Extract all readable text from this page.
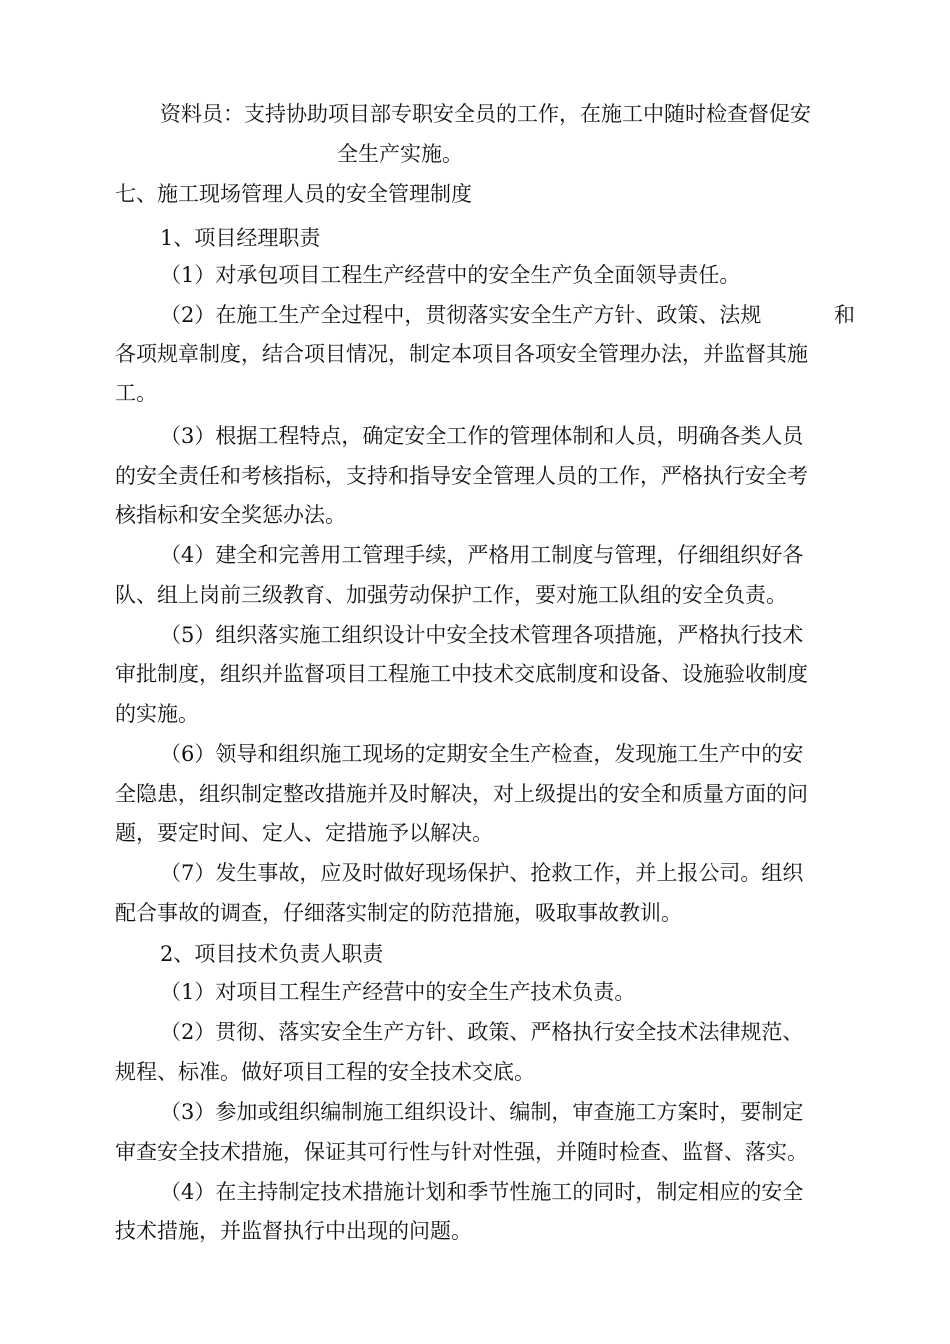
资料员：支持协助项目部专职安全员的工作，在施工中随时检查督促安
全生产实施。
七、施工现场管理人员的安全管理制度
1、项目经理职责
（1）对承包项目工程生产经营中的安全生产负全面领导责任。
（2）在施工生产全过程中，贯彻落实安全生产方针、政策、法规	和
各项规章制度，结合项目情况，制定本项目各项安全管理办法，并监督其施
工。
（3）根据工程特点，确定安全工作的管理体制和人员，明确各类人员
的安全责任和考核指标，支持和指导安全管理人员的工作，严格执行安全考
核指标和安全奖惩办法。
（4）建全和完善用工管理手续，严格用工制度与管理，仔细组织好各
队、组上岗前三级教育、加强劳动保护工作，要对施工队组的安全负责。
（5）组织落实施工组织设计中安全技术管理各项措施，严格执行技术
审批制度，组织并监督项目工程施工中技术交底制度和设备、设施验收制度
的实施。
（6）领导和组织施工现场的定期安全生产检查，发现施工生产中的安
全隐患，组织制定整改措施并及时解决，对上级提出的安全和质量方面的问
题，要定时间、定人、定措施予以解决。
（7）发生事故，应及时做好现场保护、抢救工作，并上报公司。组织
配合事故的调查，仔细落实制定的防范措施，吸取事故教训。
2、项目技术负责人职责
（1）对项目工程生产经营中的安全生产技术负责。
（2）贯彻、落实安全生产方针、政策、严格执行安全技术法律规范、
规程、标准。做好项目工程的安全技术交底。
（3）参加或组织编制施工组织设计、编制，审查施工方案时，要制定
审查安全技术措施，保证其可行性与针对性强，并随时检查、监督、落实。
（4）在主持制定技术措施计划和季节性施工的同时，制定相应的安全
技术措施，并监督执行中出现的问题。
